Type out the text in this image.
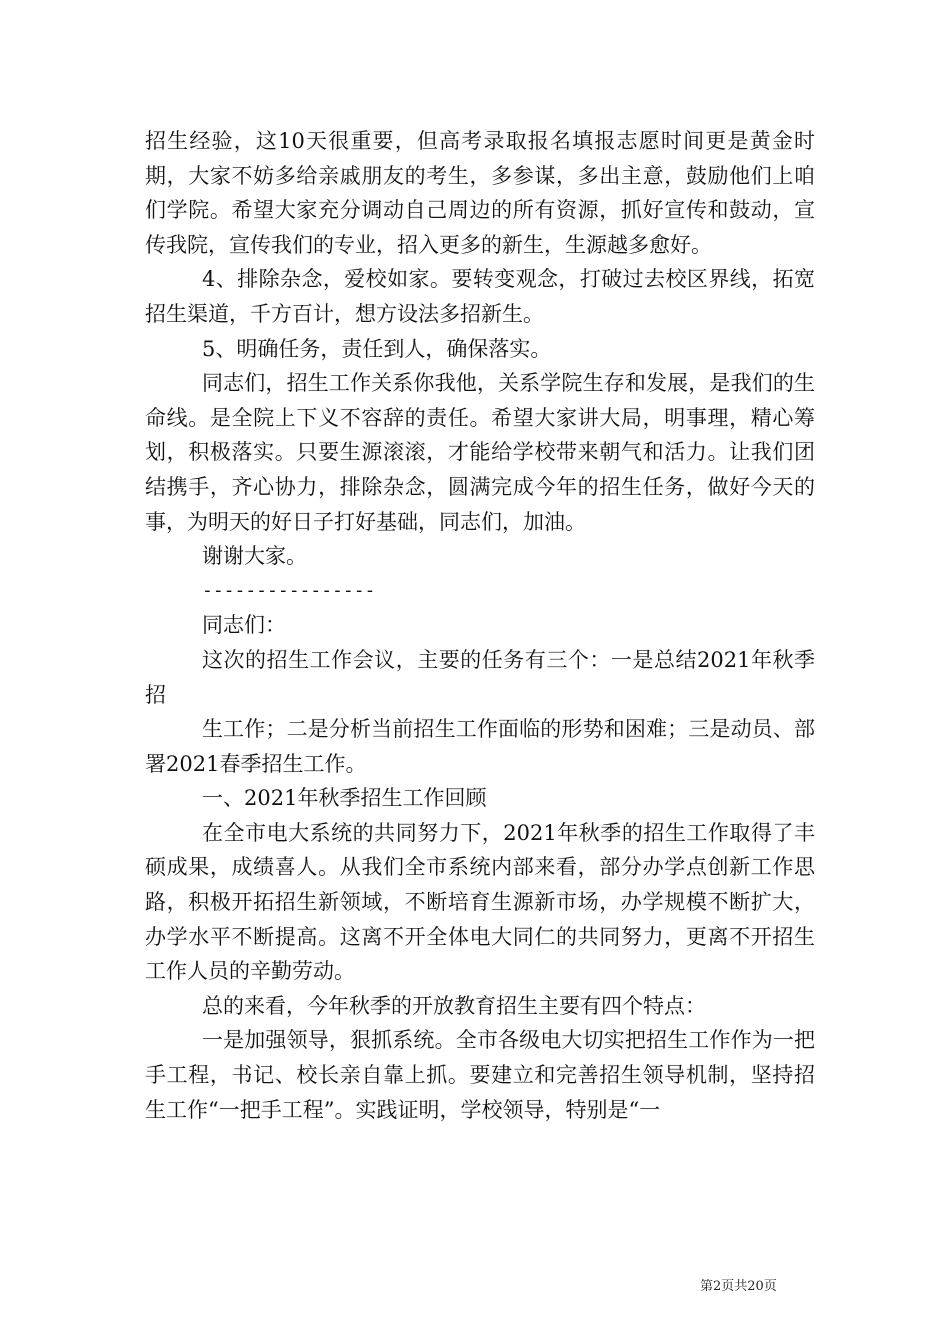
招生经验，这10天很重要，但高考录取报名填报志愿时间更是黄金时期，大家不妨多给亲戚朋友的考生，多参谋，多出主意，鼓励他们上咱们学院。希望大家充分调动自己周边的所有资源，抓好宣传和鼓动，宣传我院，宣传我们的专业，招入更多的新生，生源越多愈好。

4、排除杂念，爱校如家。要转变观念，打破过去校区界线，拓宽招生渠道，千方百计，想方设法多招新生。

5、明确任务，责任到人，确保落实。

同志们，招生工作关系你我他，关系学院生存和发展，是我们的生命线。是全院上下义不容辞的责任。希望大家讲大局，明事理，精心筹划，积极落实。只要生源滚滚，才能给学校带来朝气和活力。让我们团结携手，齐心协力，排除杂念，圆满完成今年的招生任务，做好今天的事，为明天的好日子打好基础，同志们，加油。

谢谢大家。

----------------

同志们：

这次的招生工作会议，主要的任务有三个：一是总结2021年秋季招

生工作；二是分析当前招生工作面临的形势和困难；三是动员、部署2021春季招生工作。

一、2021年秋季招生工作回顾

在全市电大系统的共同努力下，2021年秋季的招生工作取得了丰硕成果，成绩喜人。从我们全市系统内部来看，部分办学点创新工作思路，积极开拓招生新领域，不断培育生源新市场，办学规模不断扩大，办学水平不断提高。这离不开全体电大同仁的共同努力，更离不开招生工作人员的辛勤劳动。

总的来看，今年秋季的开放教育招生主要有四个特点：

一是加强领导，狠抓系统。全市各级电大切实把招生工作作为一把手工程，书记、校长亲自靠上抓。要建立和完善招生领导机制，坚持招生工作“一把手工程”。实践证明，学校领导，特别是“一

第2页共20页
